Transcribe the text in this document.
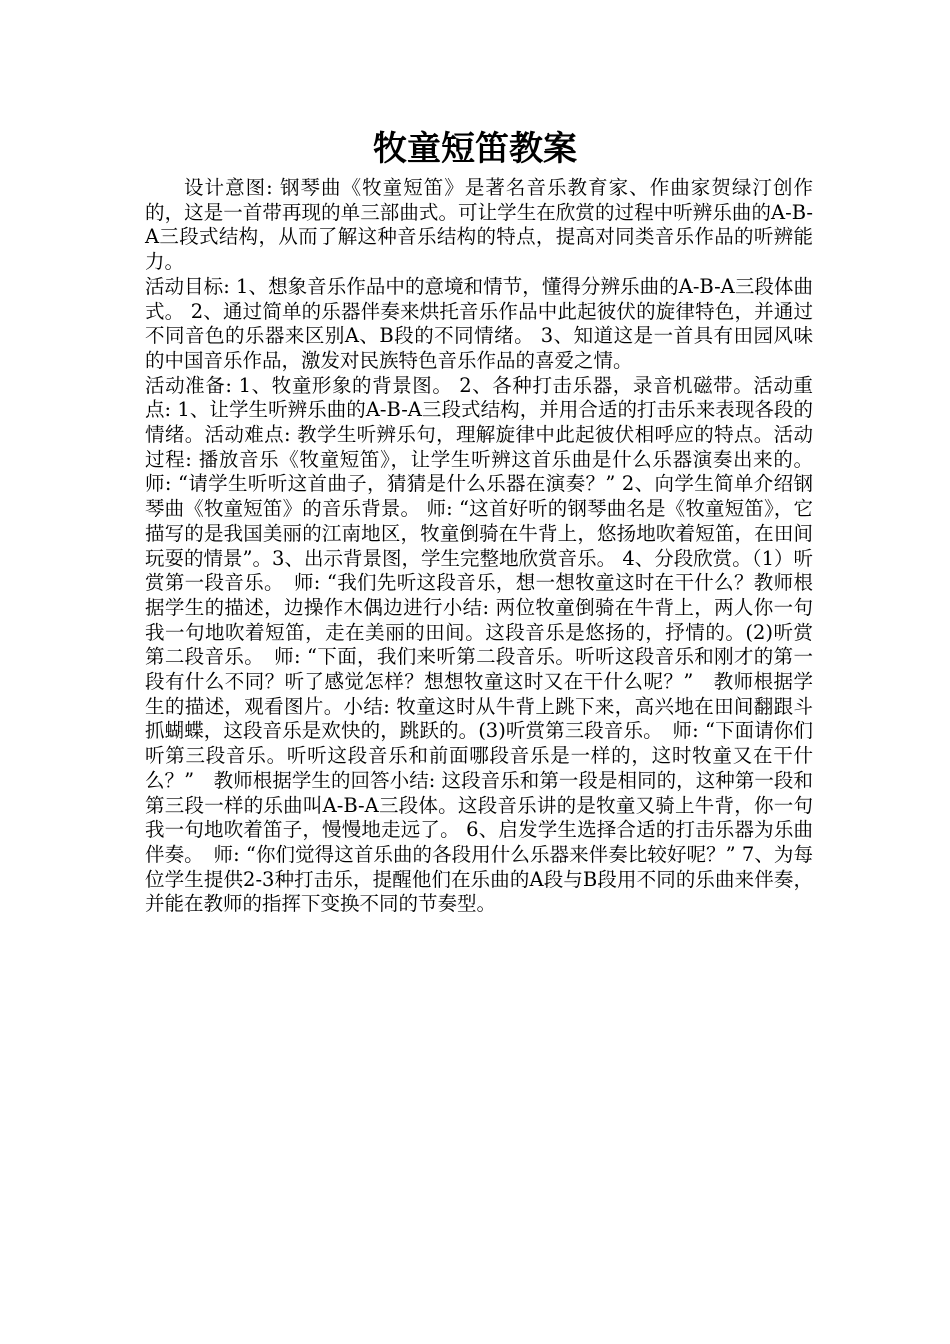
牧童短笛教案

设计意图: 钢琴曲《牧童短笛》是著名音乐教育家、作曲家贺绿汀创作的，这是一首带再现的单三部曲式。可让学生在欣赏的过程中听辨乐曲的A-B-A三段式结构，从而了解这种音乐结构的特点，提高对同类音乐作品的听辨能力。

活动目标: 1、想象音乐作品中的意境和情节，懂得分辨乐曲的A-B-A三段体曲式。 2、通过简单的乐器伴奏来烘托音乐作品中此起彼伏的旋律特色，并通过不同音色的乐器来区别A、B段的不同情绪。 3、知道这是一首具有田园风味的中国音乐作品，激发对民族特色音乐作品的喜爱之情。

活动准备: 1、牧童形象的背景图。 2、各种打击乐器，录音机磁带。活动重点: 1、让学生听辨乐曲的A-B-A三段式结构，并用合适的打击乐来表现各段的情绪。活动难点: 教学生听辨乐句，理解旋律中此起彼伏相呼应的特点。活动过程: 播放音乐《牧童短笛》，让学生听辨这首乐曲是什么乐器演奏出来的。 师: “请学生听听这首曲子，猜猜是什么乐器在演奏？” 2、向学生简单介绍钢琴曲《牧童短笛》的音乐背景。 师: “这首好听的钢琴曲名是《牧童短笛》，它描写的是我国美丽的江南地区，牧童倒骑在牛背上，悠扬地吹着短笛，在田间玩耍的情景”。3、出示背景图，学生完整地欣赏音乐。 4、分段欣赏。（1）听赏第一段音乐。　师: “我们先听这段音乐，想一想牧童这时在干什么？教师根据学生的描述，边操作木偶边进行小结: 两位牧童倒骑在牛背上，两人你一句我一句地吹着短笛，走在美丽的田间。这段音乐是悠扬的，抒情的。(2)听赏第二段音乐。　师: “下面，我们来听第二段音乐。听听这段音乐和刚才的第一段有什么不同？听了感觉怎样？想想牧童这时又在干什么呢？”　教师根据学生的描述，观看图片。小结: 牧童这时从牛背上跳下来，高兴地在田间翻跟斗抓蝴蝶，这段音乐是欢快的，跳跃的。(3)听赏第三段音乐。　师: “下面请你们听第三段音乐。听听这段音乐和前面哪段音乐是一样的，这时牧童又在干什么？”　教师根据学生的回答小结: 这段音乐和第一段是相同的，这种第一段和第三段一样的乐曲叫A-B-A三段体。这段音乐讲的是牧童又骑上牛背，你一句我一句地吹着笛子，慢慢地走远了。 6、启发学生选择合适的打击乐器为乐曲伴奏。　师: “你们觉得这首乐曲的各段用什么乐器来伴奏比较好呢？” 7、为每位学生提供2-3种打击乐，提醒他们在乐曲的A段与B段用不同的乐曲来伴奏，并能在教师的指挥下变换不同的节奏型。
